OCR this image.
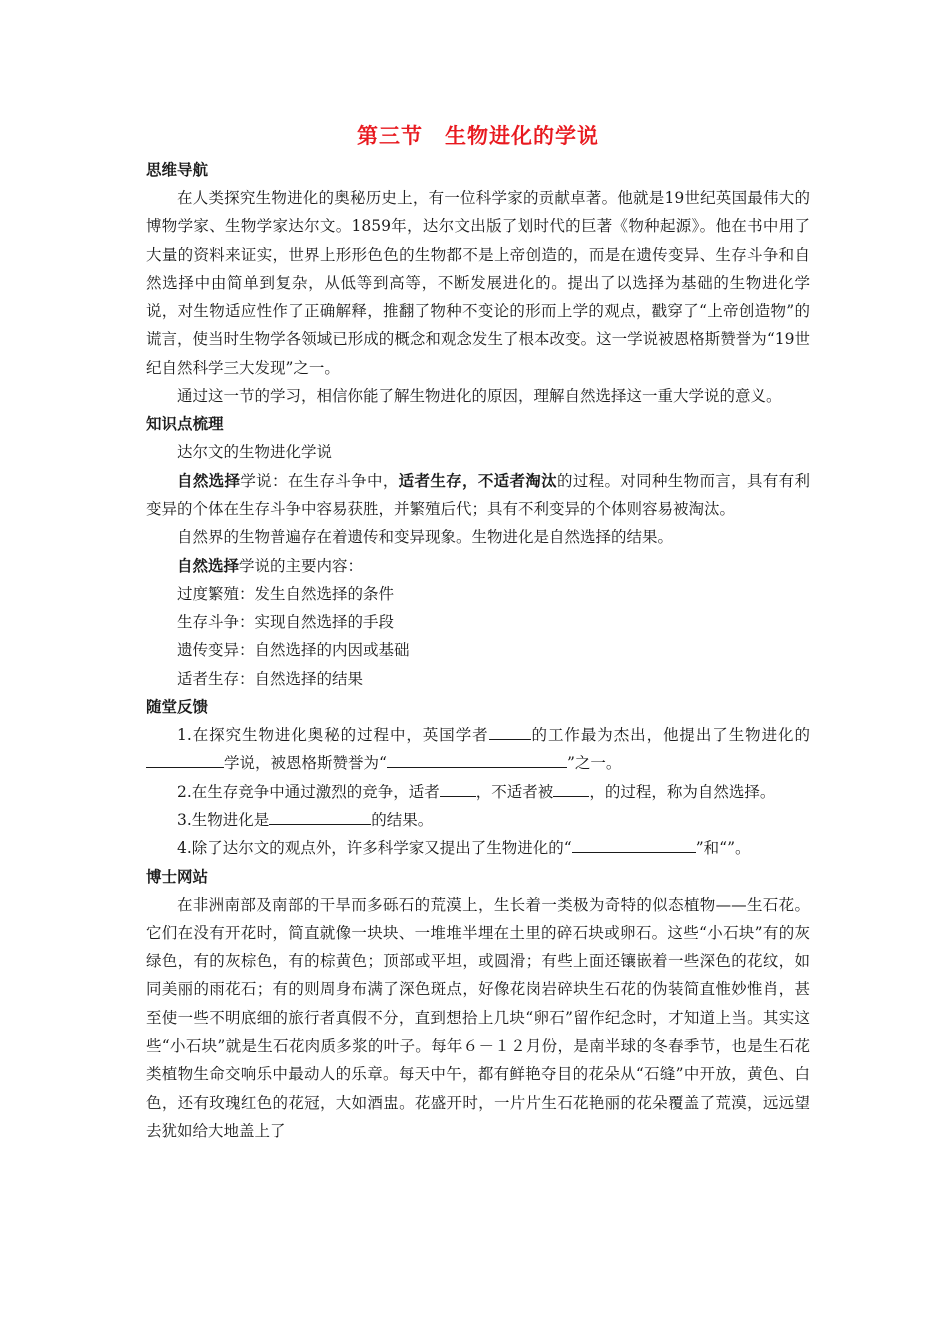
第三节　生物进化的学说
思维导航

在人类探究生物进化的奥秘历史上，有一位科学家的贡献卓著。他就是19世纪英国最伟大的博物学家、生物学家达尔文。1859年，达尔文出版了划时代的巨著《物种起源》。他在书中用了大量的资料来证实，世界上形形色色的生物都不是上帝创造的，而是在遗传变异、生存斗争和自然选择中由简单到复杂，从低等到高等，不断发展进化的。提出了以选择为基础的生物进化学说，对生物适应性作了正确解释，推翻了物种不变论的形而上学的观点，戳穿了“上帝创造物”的谎言，使当时生物学各领域已形成的概念和观念发生了根本改变。这一学说被恩格斯赞誉为“19世纪自然科学三大发现”之一。

通过这一节的学习，相信你能了解生物进化的原因，理解自然选择这一重大学说的意义。

知识点梳理

达尔文的生物进化学说

自然选择学说：在生存斗争中，适者生存，不适者淘汰的过程。对同种生物而言，具有有利变异的个体在生存斗争中容易获胜，并繁殖后代；具有不利变异的个体则容易被淘汰。

自然界的生物普遍存在着遗传和变异现象。生物进化是自然选择的结果。

自然选择学说的主要内容：

过度繁殖：发生自然选择的条件

生存斗争：实现自然选择的手段

遗传变异：自然选择的内因或基础

适者生存：自然选择的结果

随堂反馈

1.在探究生物进化奥秘的过程中，英国学者	的工作最为杰出，他提出了生物进化的学说，被恩格斯赞誉为“	”之一。

2.在生存竞争中通过激烈的竞争，适者 ，不适者被 ，的过程，称为自然选择。

3.生物进化是	的结果。

4.除了达尔文的观点外，许多科学家又提出了生物进化的“	”和“”。

博士网站

在非洲南部及南部的干旱而多砾石的荒漠上，生长着一类极为奇特的似态植物——生石花。它们在没有开花时，简直就像一块块、一堆堆半埋在土里的碎石块或卵石。这些“小石块”有的灰绿色，有的灰棕色，有的棕黄色；顶部或平坦，或圆滑；有些上面还镶嵌着一些深色的花纹，如同美丽的雨花石；有的则周身布满了深色斑点，好像花岗岩碎块生石花的伪装简直惟妙惟肖，甚至使一些不明底细的旅行者真假不分，直到想拾上几块“卵石”留作纪念时，才知道上当。其实这些“小石块”就是生石花肉质多浆的叶子。每年６－１２月份，是南半球的冬春季节，也是生石花类植物生命交响乐中最动人的乐章。每天中午，都有鲜艳夺目的花朵从“石缝”中开放，黄色、白色，还有玫瑰红色的花冠，大如酒盅。花盛开时，一片片生石花艳丽的花朵覆盖了荒漠，远远望去犹如给大地盖上了
